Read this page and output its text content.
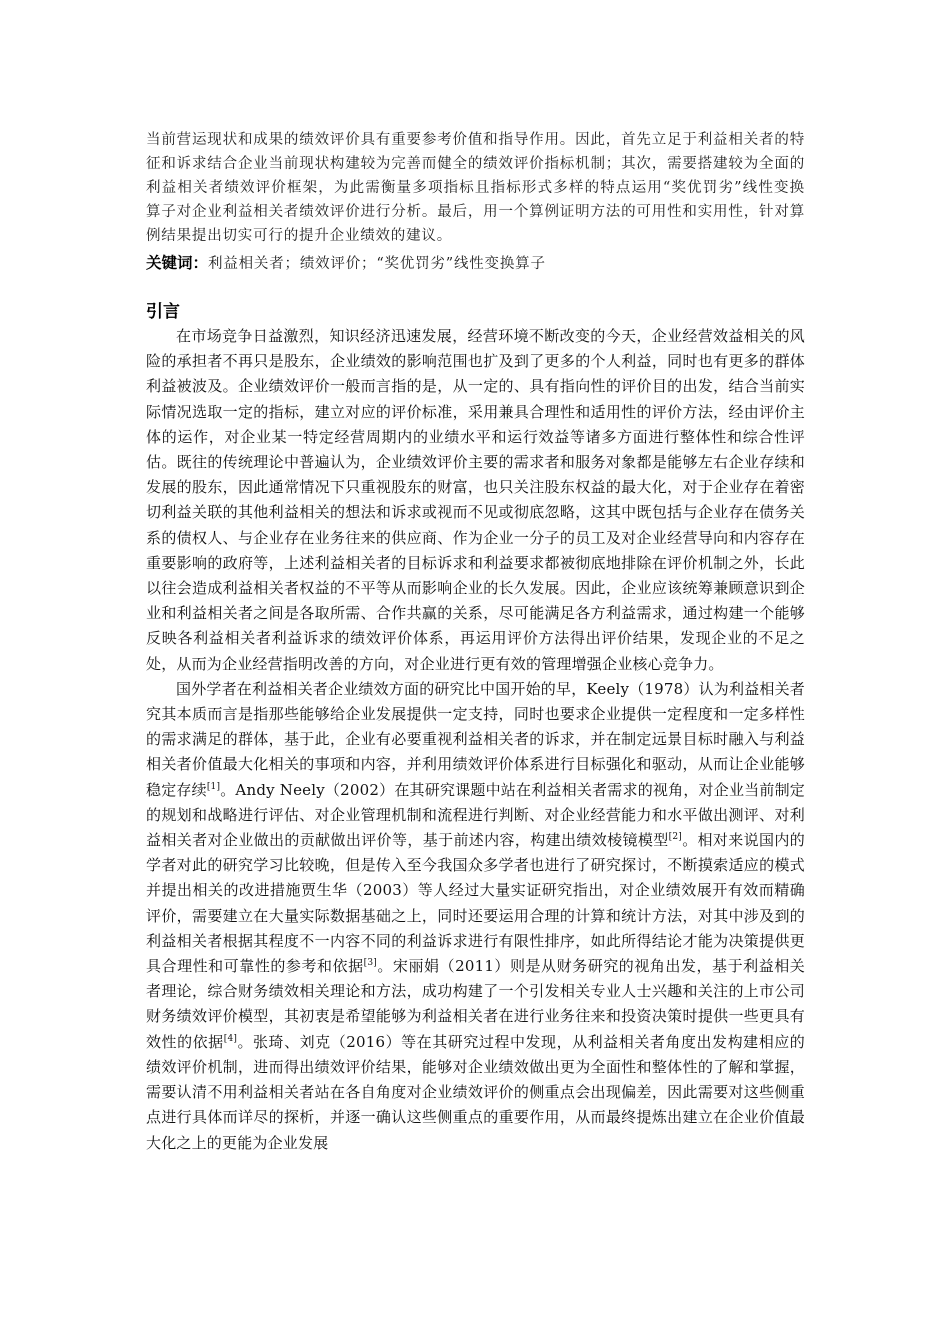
当前营运现状和成果的绩效评价具有重要参考价值和指导作用。因此，首先立足于利益相关者的特征和诉求结合企业当前现状构建较为完善而健全的绩效评价指标机制；其次，需要搭建较为全面的利益相关者绩效评价框架，为此需衡量多项指标且指标形式多样的特点运用“奖优罚劣”线性变换算子对企业利益相关者绩效评价进行分析。最后，用一个算例证明方法的可用性和实用性，针对算例结果提出切实可行的提升企业绩效的建议。

关键词：利益相关者；绩效评价；“奖优罚劣”线性变换算子

引言

在市场竞争日益激烈，知识经济迅速发展，经营环境不断改变的今天，企业经营效益相关的风险的承担者不再只是股东，企业绩效的影响范围也扩及到了更多的个人利益，同时也有更多的群体利益被波及。企业绩效评价一般而言指的是，从一定的、具有指向性的评价目的出发，结合当前实际情况选取一定的指标，建立对应的评价标准，采用兼具合理性和适用性的评价方法，经由评价主体的运作，对企业某一特定经营周期内的业绩水平和运行效益等诸多方面进行整体性和综合性评估。既往的传统理论中普遍认为，企业绩效评价主要的需求者和服务对象都是能够左右企业存续和发展的股东，因此通常情况下只重视股东的财富，也只关注股东权益的最大化，对于企业存在着密切利益关联的其他利益相关的想法和诉求或视而不见或彻底忽略，这其中既包括与企业存在债务关系的债权人、与企业存在业务往来的供应商、作为企业一分子的员工及对企业经营导向和内容存在重要影响的政府等，上述利益相关者的目标诉求和利益要求都被彻底地排除在评价机制之外，长此以往会造成利益相关者权益的不平等从而影响企业的长久发展。因此，企业应该统筹兼顾意识到企业和利益相关者之间是各取所需、合作共赢的关系，尽可能满足各方利益需求，通过构建一个能够反映各利益相关者利益诉求的绩效评价体系，再运用评价方法得出评价结果，发现企业的不足之处，从而为企业经营指明改善的方向，对企业进行更有效的管理增强企业核心竞争力。

国外学者在利益相关者企业绩效方面的研究比中国开始的早，Keely（1978）认为利益相关者究其本质而言是指那些能够给企业发展提供一定支持，同时也要求企业提供一定程度和一定多样性的需求满足的群体，基于此，企业有必要重视利益相关者的诉求，并在制定远景目标时融入与利益相关者价值最大化相关的事项和内容，并利用绩效评价体系进行目标强化和驱动，从而让企业能够稳定存续[1]。Andy Neely（2002）在其研究课题中站在利益相关者需求的视角，对企业当前制定的规划和战略进行评估、对企业管理机制和流程进行判断、对企业经营能力和水平做出测评、对利益相关者对企业做出的贡献做出评价等，基于前述内容，构建出绩效棱镜模型[2]。相对来说国内的学者对此的研究学习比较晚，但是传入至今我国众多学者也进行了研究探讨，不断摸索适应的模式并提出相关的改进措施贾生华（2003）等人经过大量实证研究指出，对企业绩效展开有效而精确评价，需要建立在大量实际数据基础之上，同时还要运用合理的计算和统计方法，对其中涉及到的利益相关者根据其程度不一内容不同的利益诉求进行有限性排序，如此所得结论才能为决策提供更具合理性和可靠性的参考和依据[3]。宋丽娟（2011）则是从财务研究的视角出发，基于利益相关者理论，综合财务绩效相关理论和方法，成功构建了一个引发相关专业人士兴趣和关注的上市公司财务绩效评价模型，其初衷是希望能够为利益相关者在进行业务往来和投资决策时提供一些更具有效性的依据[4]。张琦、刘克（2016）等在其研究过程中发现，从利益相关者角度出发构建相应的绩效评价机制，进而得出绩效评价结果，能够对企业绩效做出更为全面性和整体性的了解和掌握，需要认清不用利益相关者站在各自角度对企业绩效评价的侧重点会出现偏差，因此需要对这些侧重点进行具体而详尽的探析，并逐一确认这些侧重点的重要作用，从而最终提炼出建立在企业价值最大化之上的更能为企业发展
